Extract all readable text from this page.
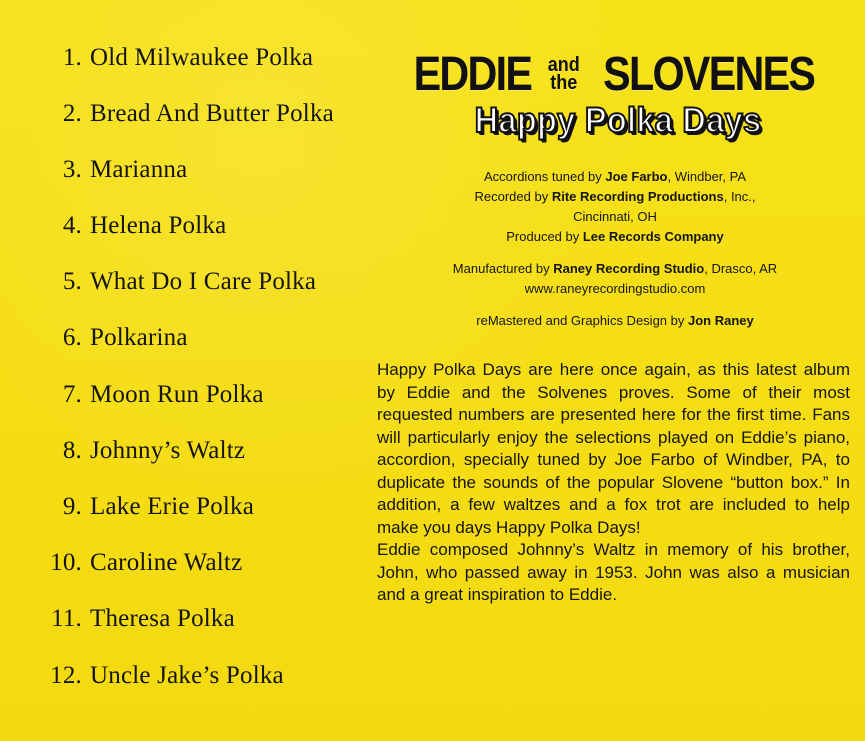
1. Old Milwaukee Polka
2. Bread And Butter Polka
3. Marianna
4. Helena Polka
5. What Do I Care Polka
6. Polkarina
7. Moon Run Polka
8. Johnny’s Waltz
9. Lake Erie Polka
10. Caroline Waltz
11. Theresa Polka
12. Uncle Jake’s Polka
EDDIE and
the SLOVENES
Happy Polka Days
Accordions tuned by Joe Farbo, Windber, PA
Recorded by Rite Recording Productions, Inc.,
Cincinnati, OH
Produced by Lee Records Company
Manufactured by Raney Recording Studio, Drasco, AR
www.raneyrecordingstudio.com
reMastered and Graphics Design by Jon Raney

Happy Polka Days are here once again, as this latest album by Eddie and the Solvenes proves. Some of their most requested numbers are presented here for the first time. Fans will particularly enjoy the selections played on Eddie’s piano, accordion, specially tuned by Joe Farbo of Windber, PA, to duplicate the sounds of the popular Slovene “button box.” In addition, a few waltzes and a fox trot are included to help make you days Happy Polka Days!

Eddie composed Johnny’s Waltz in memory of his brother, John, who passed away in 1953. John was also a musician and a great inspiration to Eddie.
